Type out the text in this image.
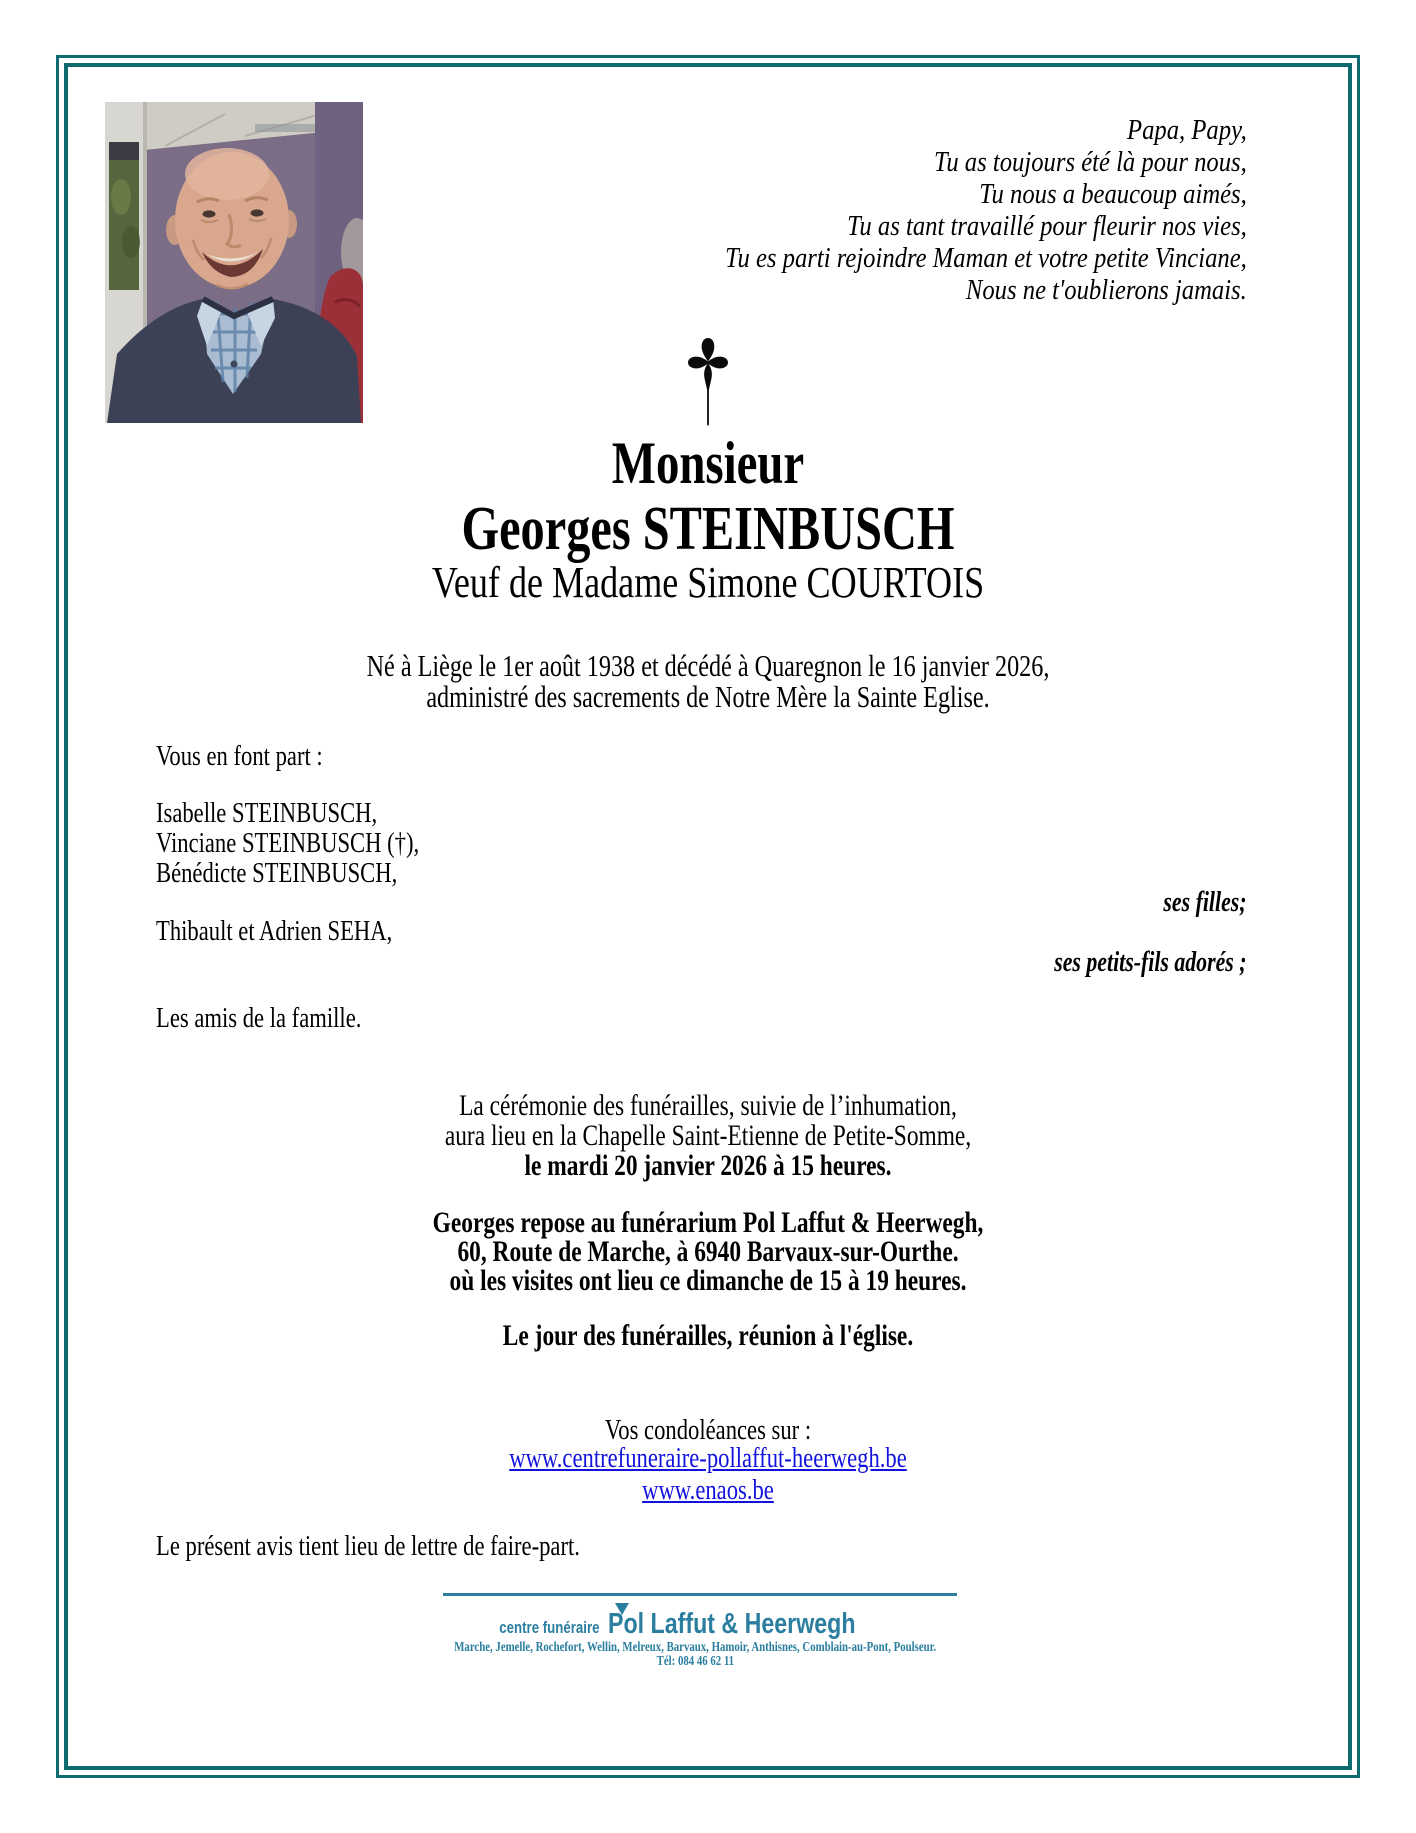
Papa, Papy,
Tu as toujours été là pour nous,
Tu nous a beaucoup aimés,
Tu as tant travaillé pour fleurir nos vies,
Tu es parti rejoindre Maman et votre petite Vinciane,
Nous ne t'oublierons jamais.
Monsieur
Georges STEINBUSCH
Veuf de Madame Simone COURTOIS
Né à Liège le 1er août 1938 et décédé à Quaregnon le 16 janvier 2026,
administré des sacrements de Notre Mère la Sainte Eglise.
Vous en font part :
Isabelle STEINBUSCH,
Vinciane STEINBUSCH (†),
Bénédicte STEINBUSCH,
ses filles;
Thibault et Adrien SEHA,
ses petits-fils adorés ;
Les amis de la famille.
La cérémonie des funérailles, suivie de l’inhumation,
aura lieu en la Chapelle Saint-Etienne de Petite-Somme,
le mardi 20 janvier 2026 à 15 heures.
Georges repose au funérarium Pol Laffut & Heerwegh,
60, Route de Marche, à 6940 Barvaux-sur-Ourthe.
où les visites ont lieu ce dimanche de 15 à 19 heures.
Le jour des funérailles, réunion à l'église.
Vos condoléances sur :
www.centrefuneraire-pollaffut-heerwegh.be
www.enaos.be
Le présent avis tient lieu de lettre de faire-part.
centre funéraire Pol Laffut & Heerwegh
Marche, Jemelle, Rochefort, Wellin, Melreux, Barvaux, Hamoir, Anthisnes, Comblain-au-Pont, Poulseur.
Tél: 084 46 62 11
